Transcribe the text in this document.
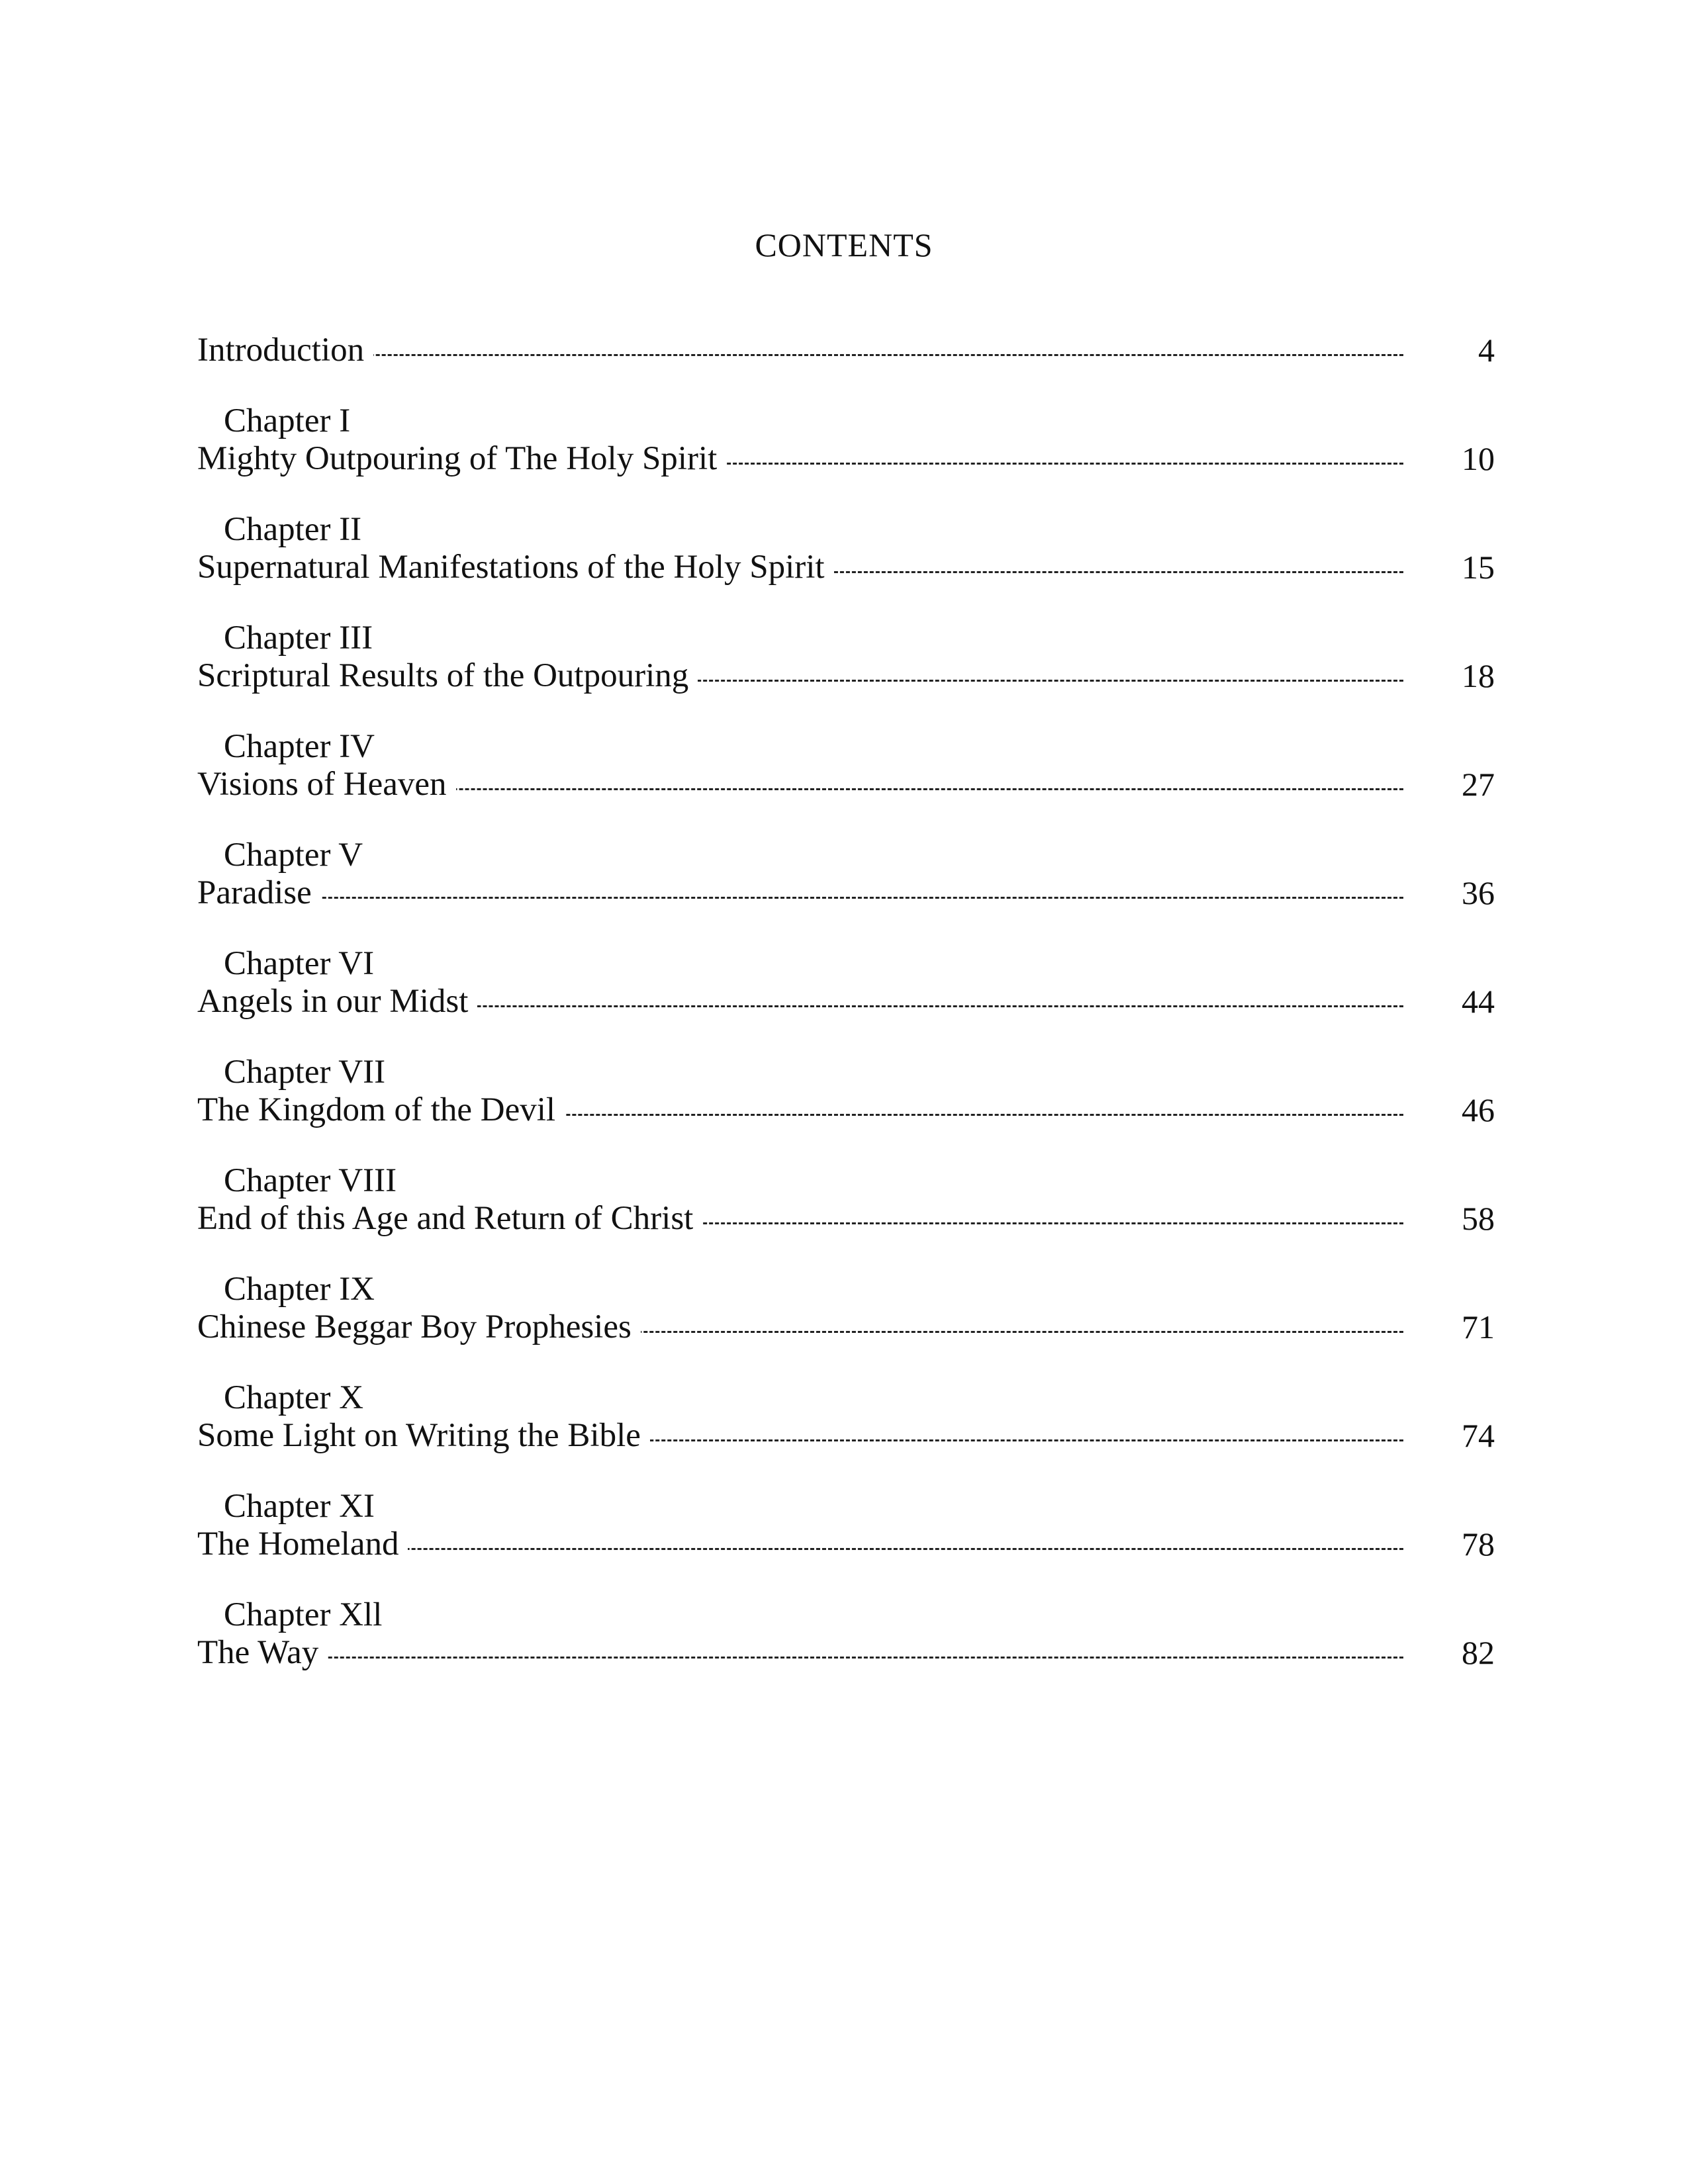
CONTENTS
Introduction	4
Chapter I
Mighty Outpouring of The Holy Spirit	10
Chapter II
Supernatural Manifestations of the Holy Spirit	15
Chapter III
Scriptural Results of the Outpouring	18
Chapter IV
Visions of Heaven	27
Chapter V
Paradise	36
Chapter VI
Angels in our Midst	44
Chapter VII
The Kingdom of the Devil	46
Chapter VIII
End of this Age and Return of Christ	58
Chapter IX
Chinese Beggar Boy Prophesies	71
Chapter X
Some Light on Writing the Bible	74
Chapter XI
The Homeland	78
Chapter Xll
The Way	82
